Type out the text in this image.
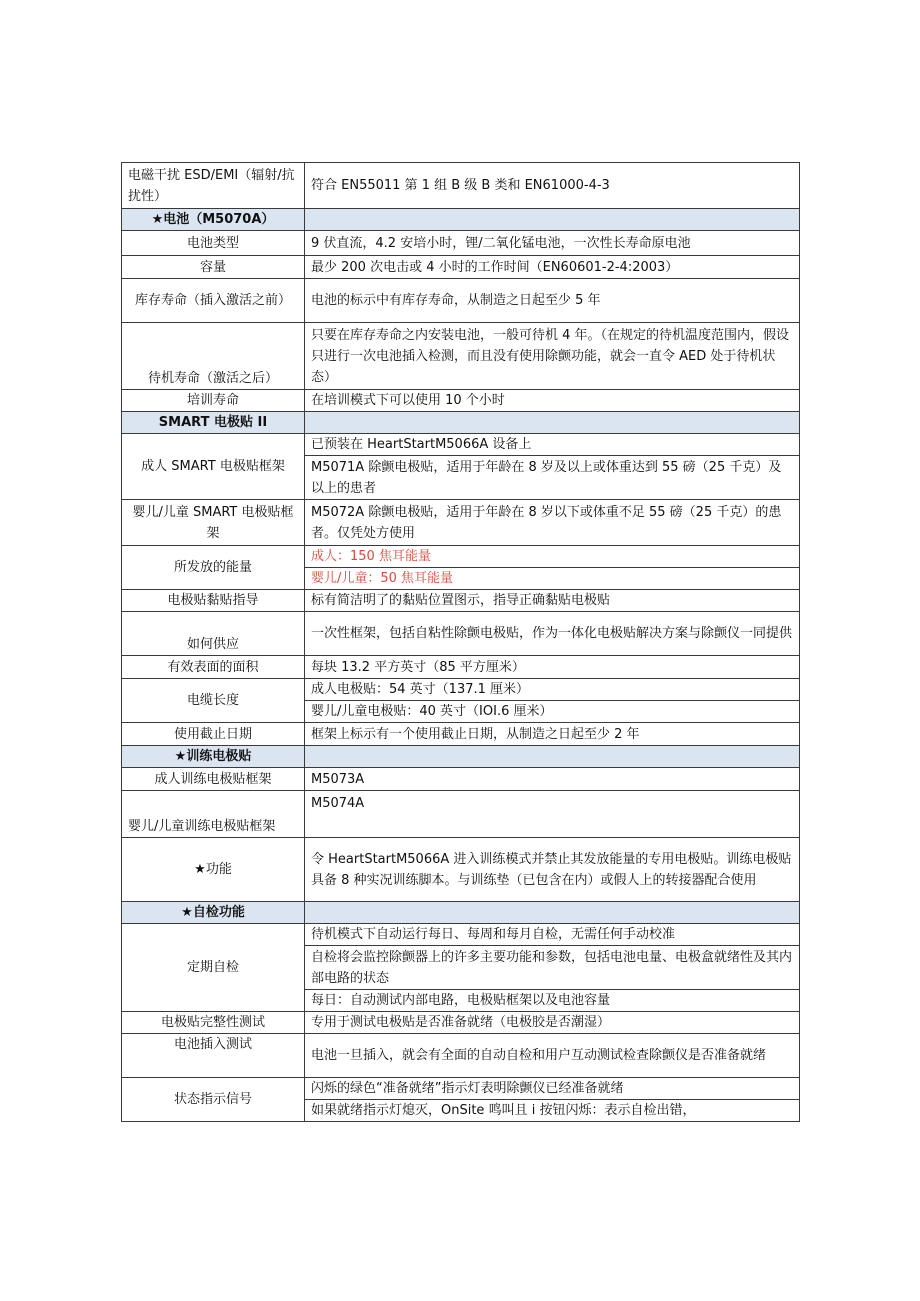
电磁干扰 ESD/EMI（辐射/抗扰性）	符合 EN55011 第 1 组 B 级 B 类和 EN61000-4-3
★电池（M5070A）	
电池类型	9 伏直流，4.2 安培小时，锂/二氧化锰电池，一次性长寿命原电池
容量	最少 200 次电击或 4 小时的工作时间（EN60601-2-4:2003）
库存寿命（插入激活之前）	电池的标示中有库存寿命，从制造之日起至少 5 年
待机寿命（激活之后）	只要在库存寿命之内安装电池，一般可待机 4 年。（在规定的待机温度范围内，假设只进行一次电池插入检测，而且没有使用除颤功能，就会一直令 AED 处于待机状态）
培训寿命	在培训模式下可以使用 10 个小时
SMART 电极贴 II	
成人 SMART 电极贴框架	已预装在 HeartStartM5066A 设备上
	M5071A 除颤电极贴，适用于年龄在 8 岁及以上或体重达到 55 磅（25 千克）及以上的患者
婴儿/儿童 SMART 电极贴框架	M5072A 除颤电极贴，适用于年龄在 8 岁以下或体重不足 55 磅（25 千克）的患者。仅凭处方使用
所发放的能量	成人：150 焦耳能量
	婴儿/儿童：50 焦耳能量
电极贴黏贴指导	标有简洁明了的黏贴位置图示，指导正确黏贴电极贴
如何供应	一次性框架，包括自粘性除颤电极贴，作为一体化电极贴解决方案与除颤仪一同提供
有效表面的面积	每块 13.2 平方英寸（85 平方厘米）
电缆长度	成人电极贴：54 英寸（137.1 厘米）
	婴儿/儿童电极贴：40 英寸（IOI.6 厘米）
使用截止日期	框架上标示有一个使用截止日期，从制造之日起至少 2 年
★训练电极贴	
成人训练电极贴框架	M5073A
婴儿/儿童训练电极贴框架	M5074A
★功能	令 HeartStartM5066A 进入训练模式并禁止其发放能量的专用电极贴。训练电极贴具备 8 种实况训练脚本。与训练垫（已包含在内）或假人上的转接器配合使用
★自检功能	
定期自检	待机模式下自动运行每日、每周和每月自检，无需任何手动校准
	自检将会监控除颤器上的许多主要功能和参数，包括电池电量、电极盒就绪性及其内部电路的状态
	每日：自动测试内部电路，电极贴框架以及电池容量
电极贴完整性测试	专用于测试电极贴是否准备就绪（电极胶是否潮湿）
电池插入测试	电池一旦插入，就会有全面的自动自检和用户互动测试检查除颤仪是否准备就绪
状态指示信号	闪烁的绿色“准备就绪”指示灯表明除颤仪已经准备就绪
	如果就绪指示灯熄灭，OnSite 鸣叫且 i 按钮闪烁：表示自检出错，
